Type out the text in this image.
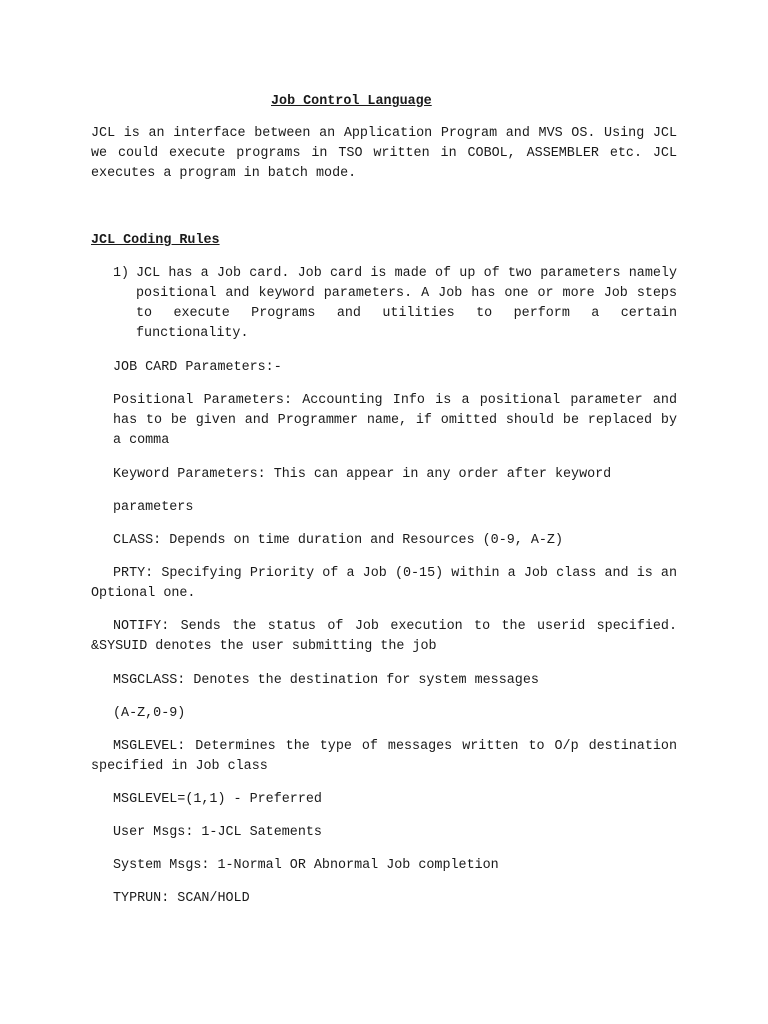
Job Control Language
JCL is an interface between an Application Program and MVS OS. Using JCL we could execute programs in TSO written in COBOL, ASSEMBLER etc. JCL executes a program in batch mode.
JCL Coding Rules
1) JCL has a Job card. Job card is made of up of two parameters namely positional and keyword parameters. A Job has one or more Job steps to execute Programs and utilities to perform a certain functionality.
JOB CARD Parameters:-
Positional Parameters: Accounting Info is a positional parameter and has to be given and Programmer name, if omitted should be replaced by a comma
Keyword Parameters: This can appear in any order after keyword
parameters
CLASS: Depends on time duration and Resources (0-9, A-Z)
PRTY: Specifying Priority of a Job (0-15) within a Job class and is an Optional one.
NOTIFY: Sends the status of Job execution to the userid specified. &SYSUID denotes the user submitting the job
MSGCLASS: Denotes the destination for system messages
(A-Z,0-9)
MSGLEVEL: Determines the type of messages written to O/p destination specified in Job class
MSGLEVEL=(1,1) - Preferred
User Msgs: 1-JCL Satements
System Msgs: 1-Normal OR Abnormal Job completion
TYPRUN: SCAN/HOLD
